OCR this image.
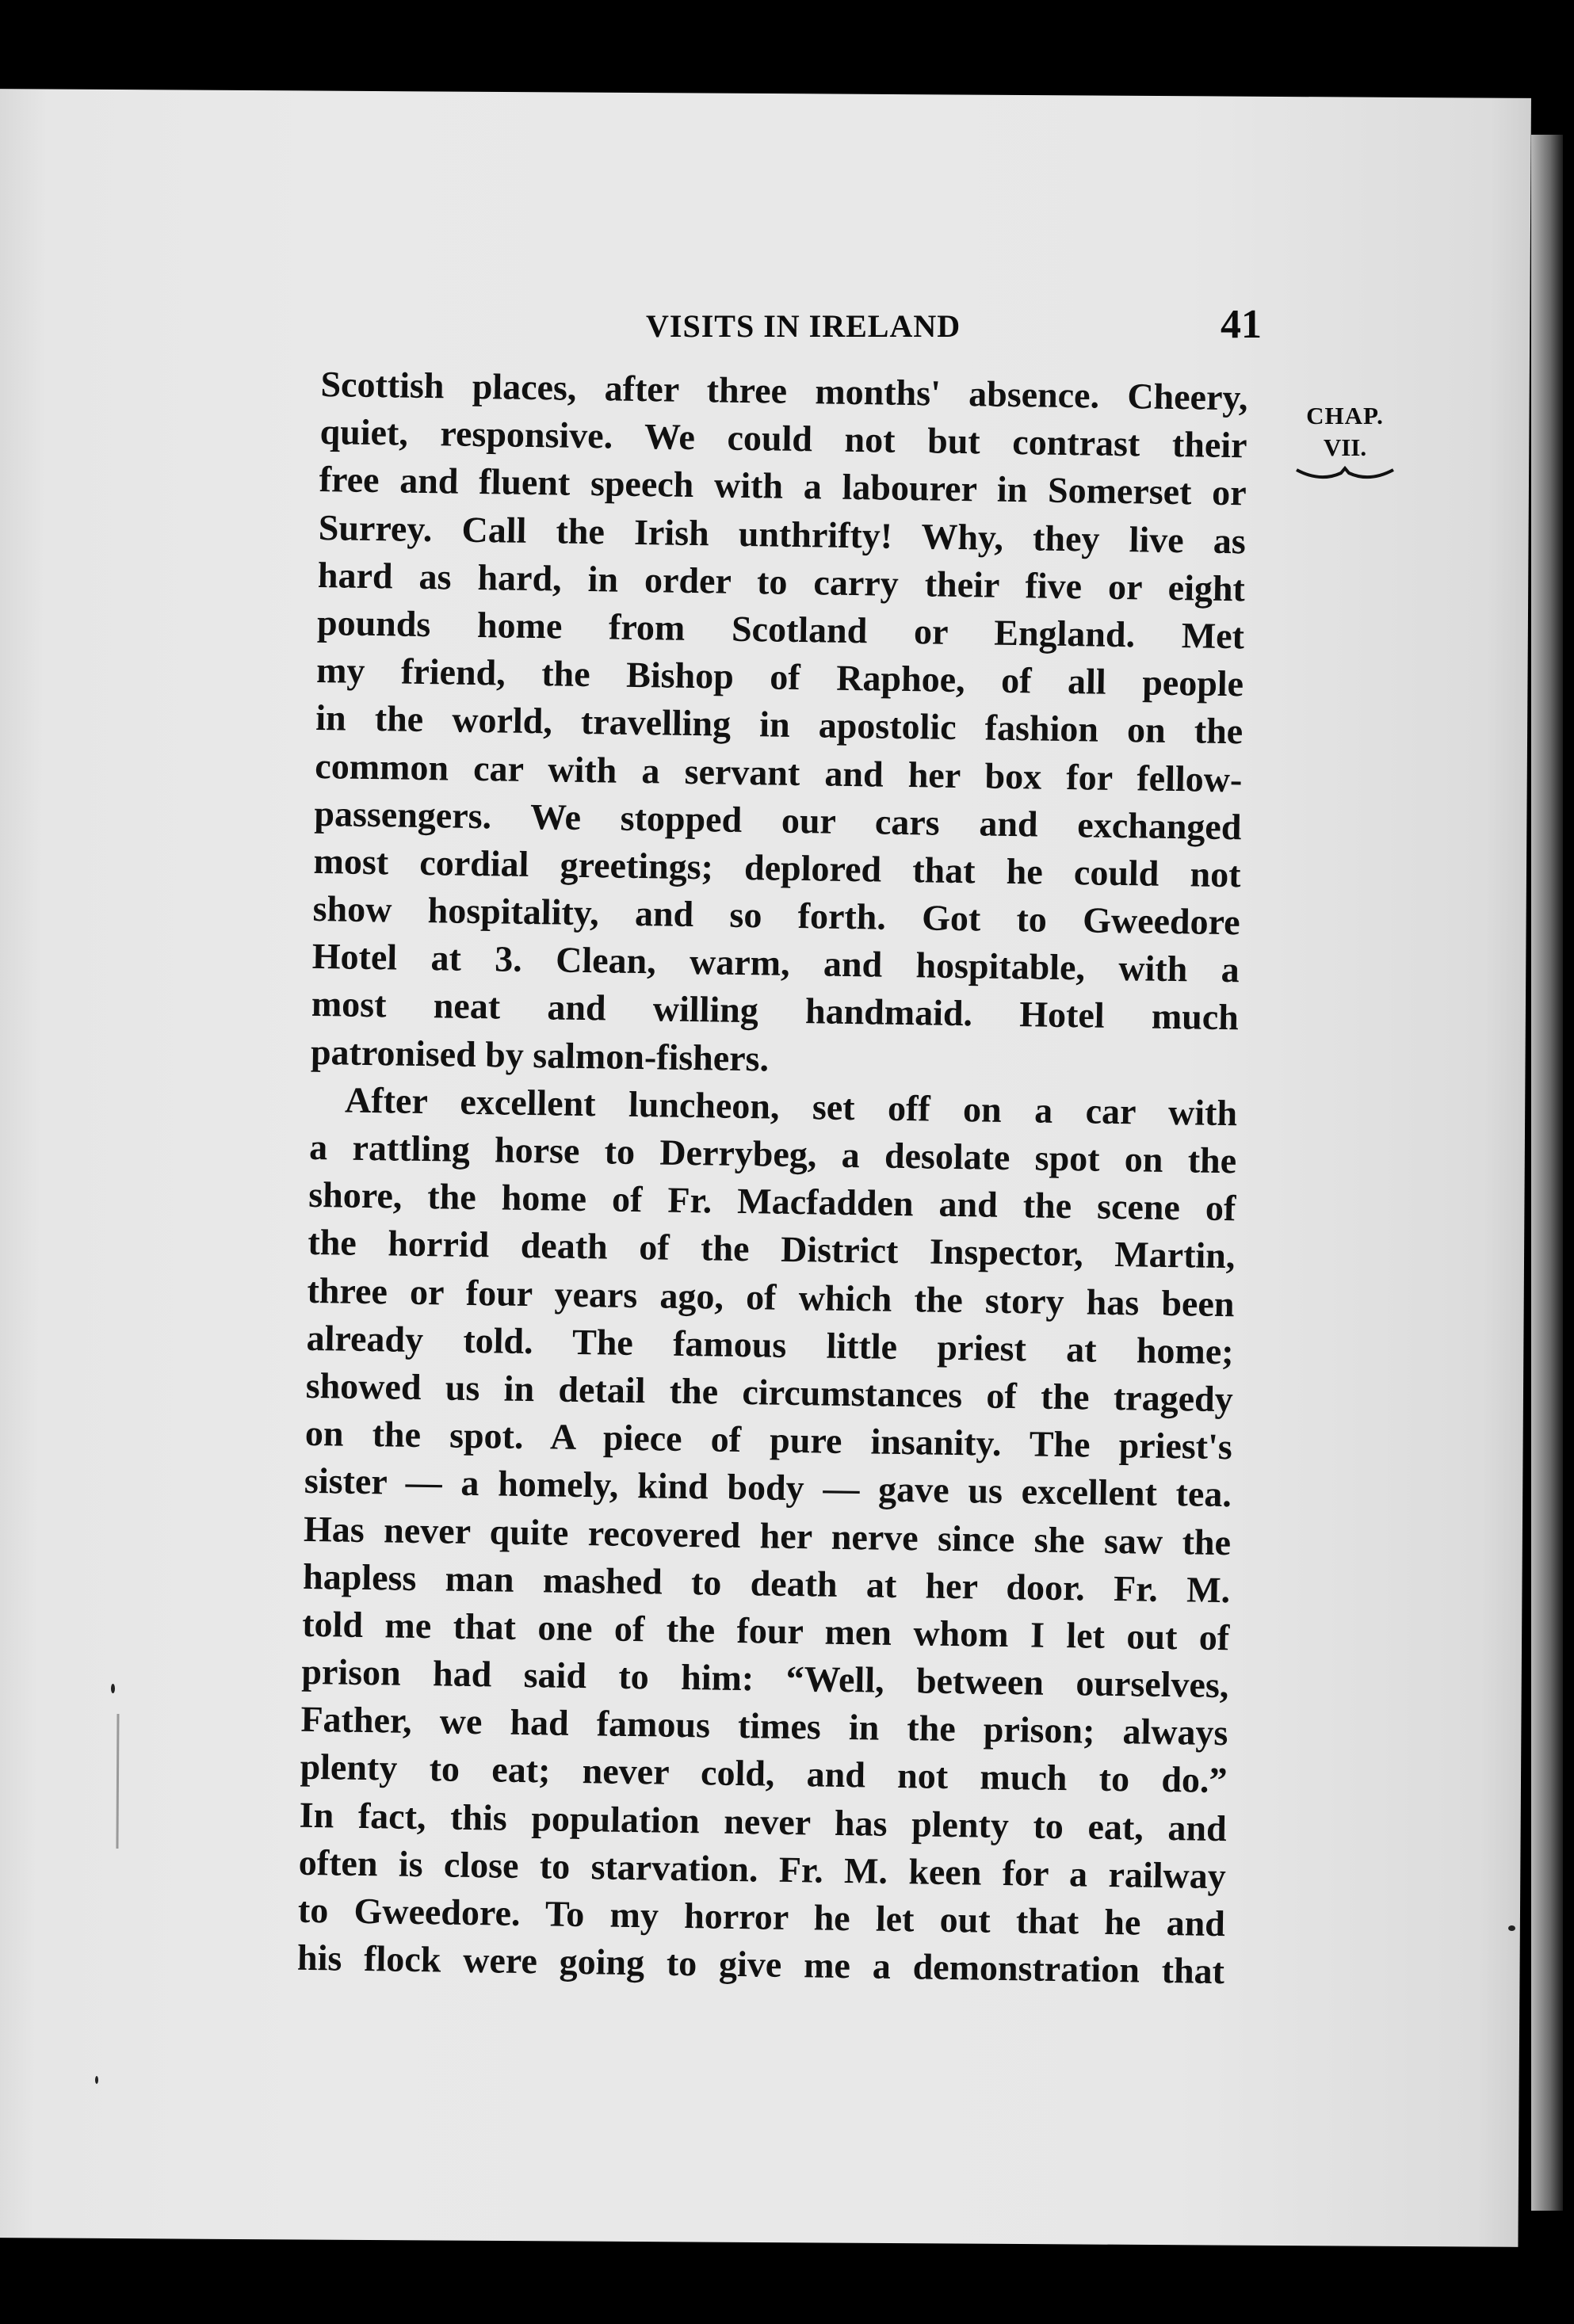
VISITS IN IRELAND	41
CHAP.
VII.
Scottish places, after three months' absence. Cheery,
quiet, responsive. We could not but contrast their
free and fluent speech with a labourer in Somerset or
Surrey. Call the Irish unthrifty! Why, they live as
hard as hard, in order to carry their five or eight
pounds home from Scotland or England. Met
my friend, the Bishop of Raphoe, of all people
in the world, travelling in apostolic fashion on the
common car with a servant and her box for fellow-
passengers. We stopped our cars and exchanged
most cordial greetings; deplored that he could not
show hospitality, and so forth. Got to Gweedore
Hotel at 3. Clean, warm, and hospitable, with a
most neat and willing handmaid. Hotel much
patronised by salmon-fishers.
After excellent luncheon, set off on a car with
a rattling horse to Derrybeg, a desolate spot on the
shore, the home of Fr. Macfadden and the scene of
the horrid death of the District Inspector, Martin,
three or four years ago, of which the story has been
already told. The famous little priest at home;
showed us in detail the circumstances of the tragedy
on the spot. A piece of pure insanity. The priest's
sister — a homely, kind body — gave us excellent tea.
Has never quite recovered her nerve since she saw the
hapless man mashed to death at her door. Fr. M.
told me that one of the four men whom I let out of
prison had said to him: “Well, between ourselves,
Father, we had famous times in the prison; always
plenty to eat; never cold, and not much to do.”
In fact, this population never has plenty to eat, and
often is close to starvation. Fr. M. keen for a railway
to Gweedore. To my horror he let out that he and
his flock were going to give me a demonstration that
